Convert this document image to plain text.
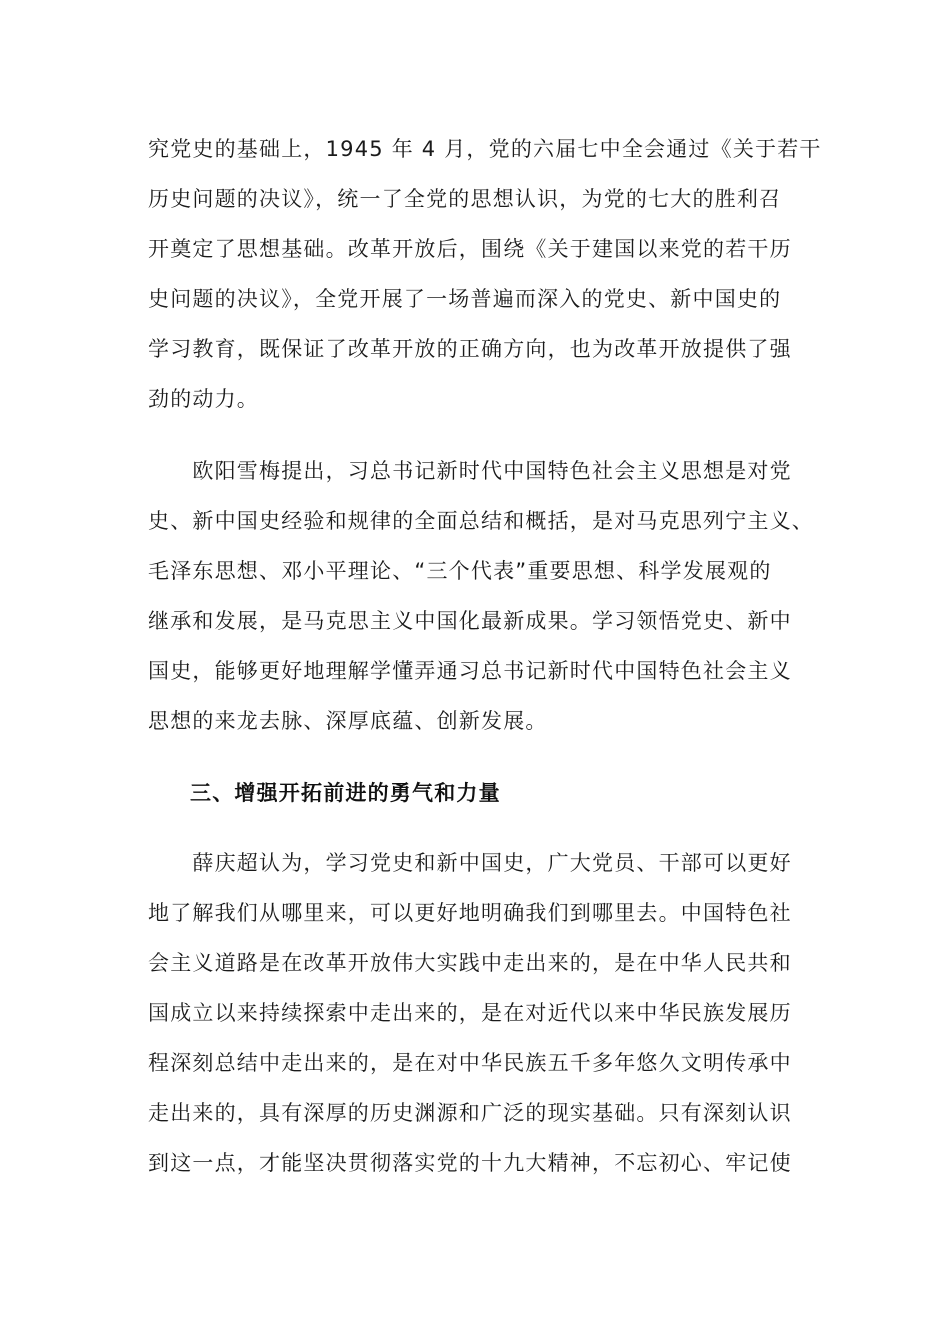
究党史的基础上，1945 年 4 月，党的六届七中全会通过《关于若干
历史问题的决议》，统一了全党的思想认识，为党的七大的胜利召
开奠定了思想基础。改革开放后，围绕《关于建国以来党的若干历
史问题的决议》，全党开展了一场普遍而深入的党史、新中国史的
学习教育，既保证了改革开放的正确方向，也为改革开放提供了强
劲的动力。
　　欧阳雪梅提出，习总书记新时代中国特色社会主义思想是对党
史、新中国史经验和规律的全面总结和概括，是对马克思列宁主义、
毛泽东思想、邓小平理论、“三个代表”重要思想、科学发展观的
继承和发展，是马克思主义中国化最新成果。学习领悟党史、新中
国史，能够更好地理解学懂弄通习总书记新时代中国特色社会主义
思想的来龙去脉、深厚底蕴、创新发展。
三、增强开拓前进的勇气和力量
　　薛庆超认为，学习党史和新中国史，广大党员、干部可以更好
地了解我们从哪里来，可以更好地明确我们到哪里去。中国特色社
会主义道路是在改革开放伟大实践中走出来的，是在中华人民共和
国成立以来持续探索中走出来的，是在对近代以来中华民族发展历
程深刻总结中走出来的，是在对中华民族五千多年悠久文明传承中
走出来的，具有深厚的历史渊源和广泛的现实基础。只有深刻认识
到这一点，才能坚决贯彻落实党的十九大精神，不忘初心、牢记使
